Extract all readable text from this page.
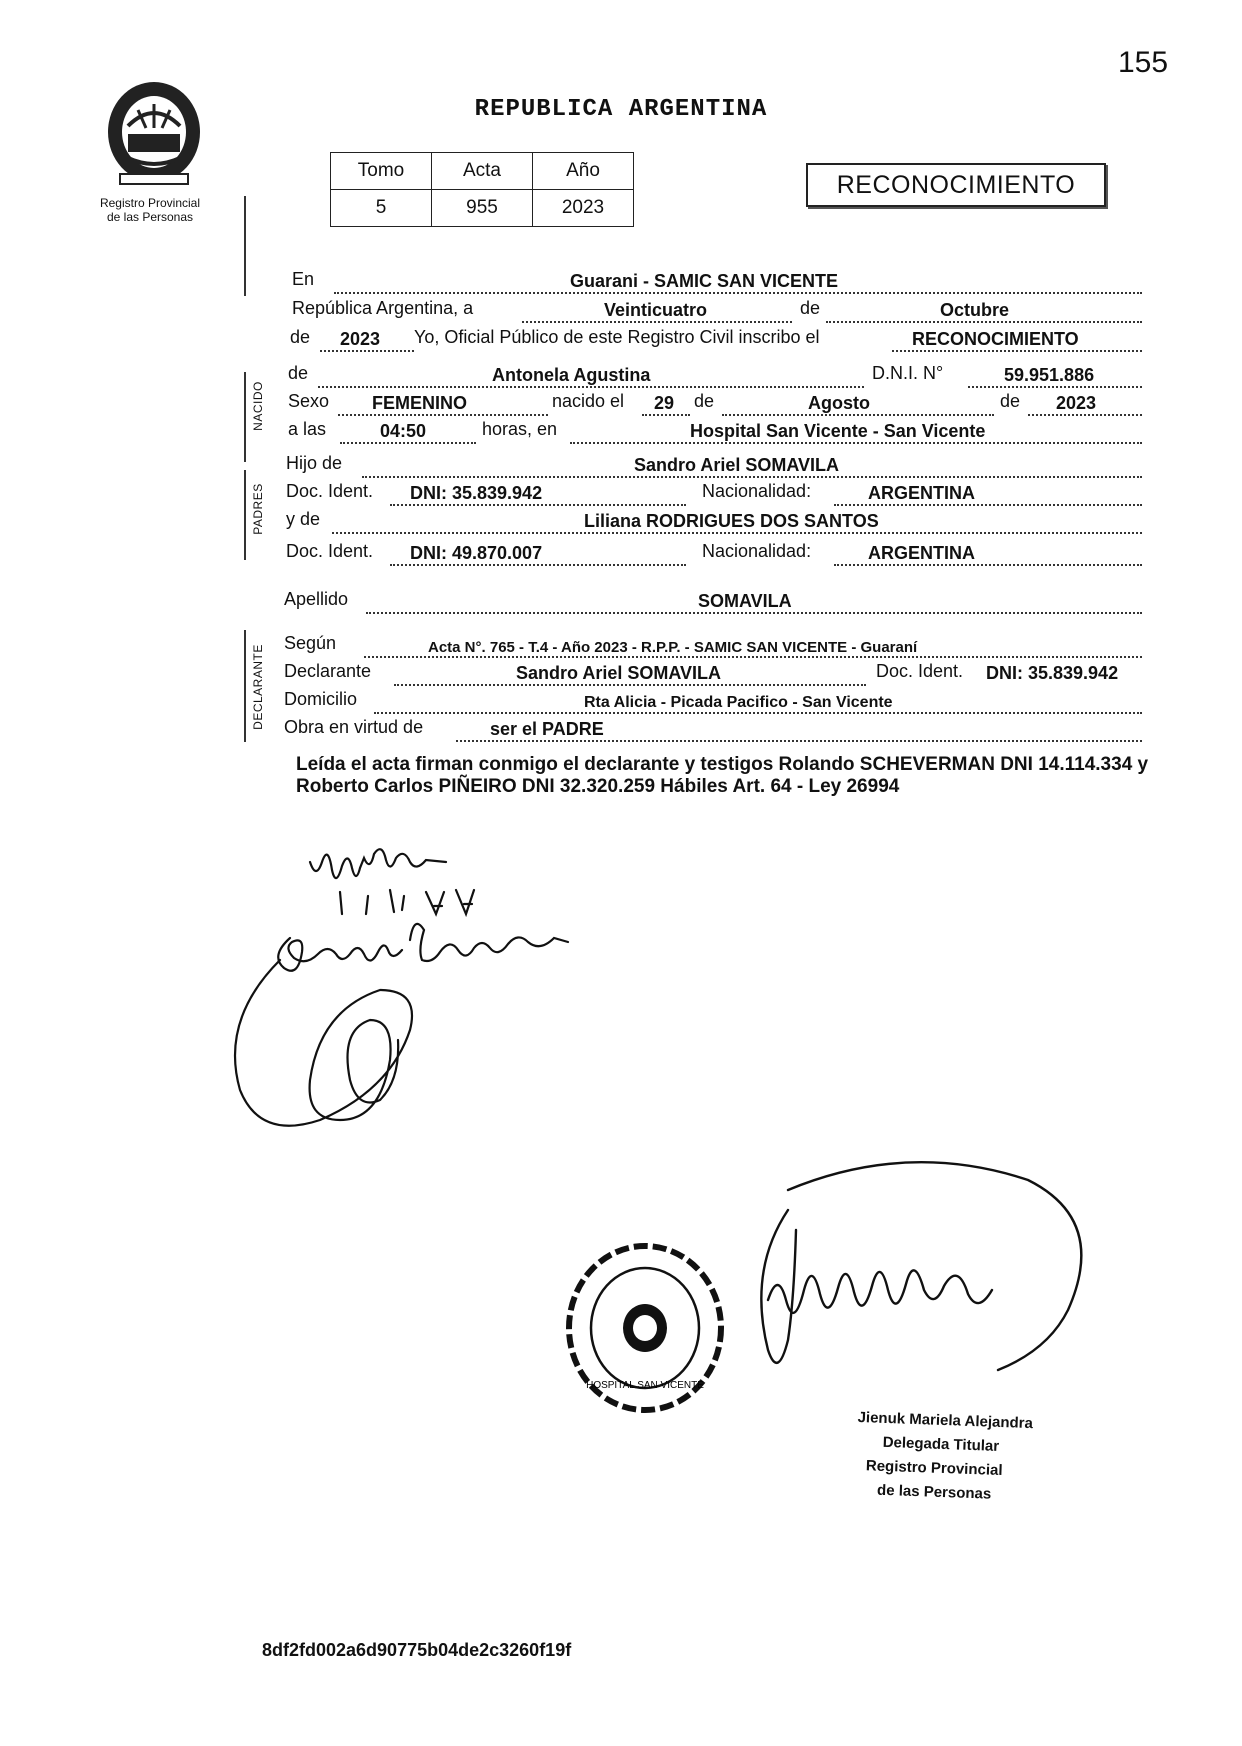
155
REPUBLICA ARGENTINA
Registro Provincial
de las Personas
Tomo	Acta	Año
5	955	2023
RECONOCIMIENTO
NACIDO
PADRES
DECLARANTE
En	Guarani - SAMIC SAN VICENTE
República Argentina, a	Veinticuatro	de	Octubre
de 2023 Yo, Oficial Público de este Registro Civil inscribo el	RECONOCIMIENTO
de	Antonela Agustina	D.N.I. N°	59.951.886
Sexo FEMENINO	nacido el 29 de	Agosto	de 2023
a las	04:50	horas, en	Hospital San Vicente - San Vicente
Hijo de	Sandro Ariel SOMAVILA
Doc. Ident. DNI: 35.839.942	Nacionalidad:	ARGENTINA
y de	Liliana RODRIGUES DOS SANTOS
Doc. Ident. DNI: 49.870.007	Nacionalidad:	ARGENTINA
Apellido	SOMAVILA
Según	Acta N°. 765 - T.4 - Año 2023 - R.P.P. - SAMIC SAN VICENTE - Guaraní
Declarante	Sandro Ariel SOMAVILA	Doc. Ident. DNI: 35.839.942
Domicilio	Rta Alicia - Picada Pacifico - San Vicente
Obra en virtud de	ser el PADRE
Leída el acta firman conmigo el declarante y testigos Rolando SCHEVERMAN DNI 14.114.334 y Roberto Carlos PIÑEIRO DNI 32.320.259 Hábiles Art. 64 - Ley 26994
HOSPITAL SAN VICENTE
Jienuk Mariela Alejandra
Delegada Titular
Registro Provincial
de las Personas
8df2fd002a6d90775b04de2c3260f19f
